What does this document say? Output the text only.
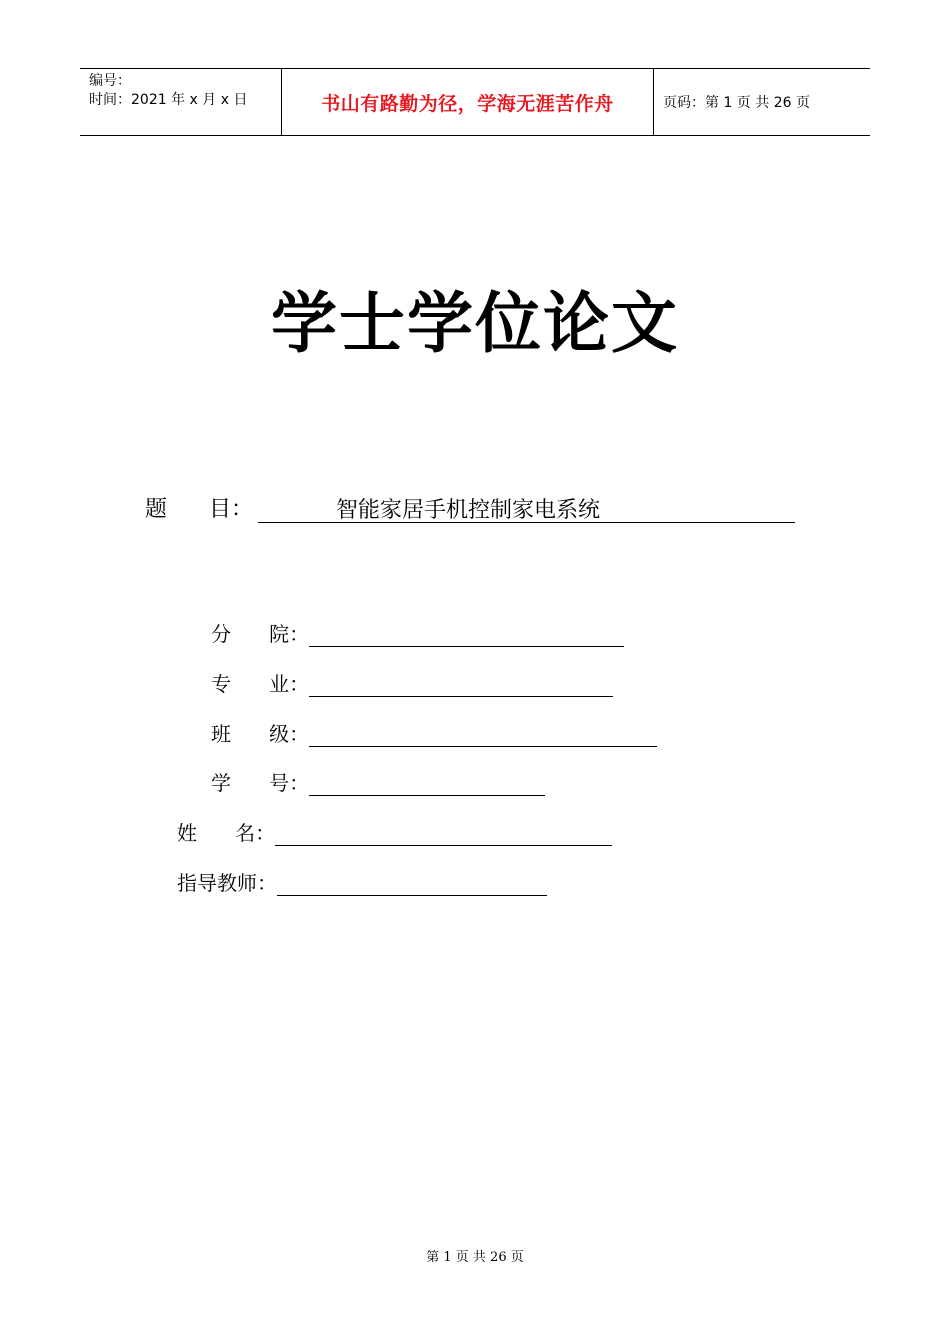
编号：
时间：2021 年 x 月 x 日	书山有路勤为径，学海无涯苦作舟	页码：第 1 页 共 26 页
学士学位论文
题      目：	智能家居手机控制家电系统
分      院：
专      业：
班      级：
学      号：
姓      名：
指导教师：
第 1 页 共 26 页
